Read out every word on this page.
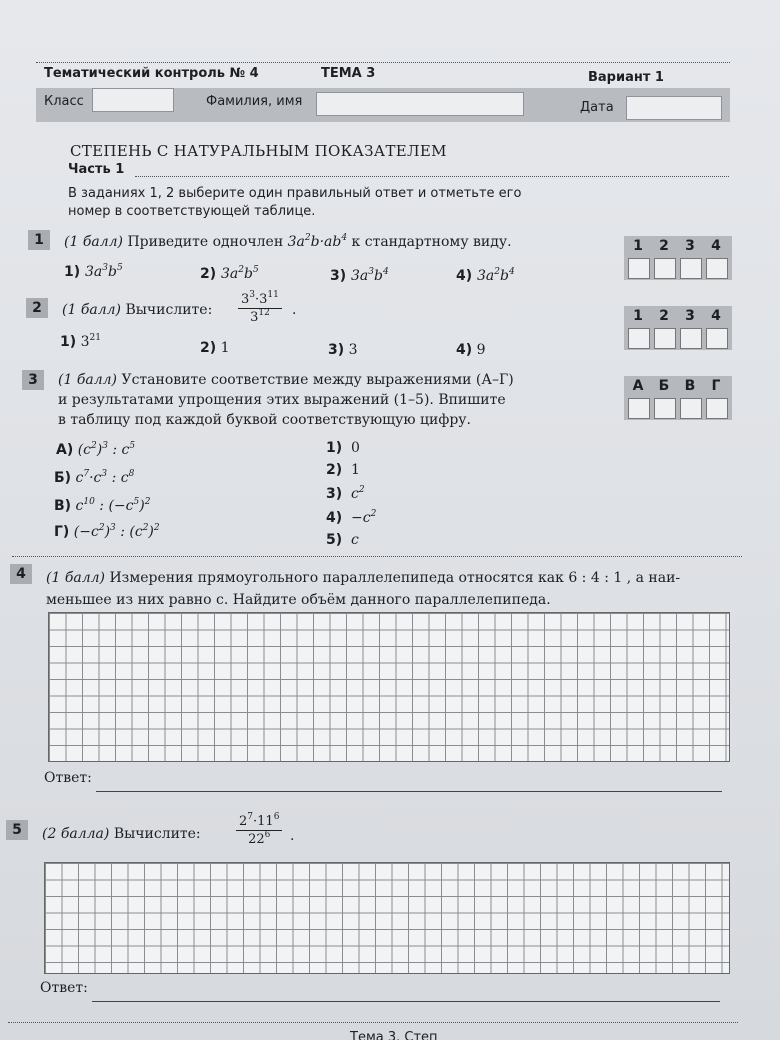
Тематический контроль № 4	ТЕМА 3	Вариант 1
Класс	Фамилия, имя	Дата
СТЕПЕНЬ С НАТУРАЛЬНЫМ ПОКАЗАТЕЛЕМ
Часть 1
В заданиях 1, 2 выберите один правильный ответ и отметьте его
номер в соответствующей таблице.
1	(1 балл) Приведите одночлен $3a^2b\cdot ab^4$ к стандартному виду.
1) $3a^3b^5$	2) $3a^2b^5$	3) $3a^3b^4$	4) $3a^2b^4$
1	2	3	4
2	(1 балл) Вычислите: $\frac{3^3\cdot 3^{11}}{3^{12}}$ .
1) $3^{21}$
2) 1	3) 3	4) 9
1	2	3	4
3	(1 балл) Установите соответствие между выражениями (А–Г)
и результатами упрощения этих выражений (1–5). Впишите
в таблицу под каждой буквой соответствующую цифру.
А) $(c^2)^3$ : $c^5$
Б) $c^7\cdot c^3$ : $c^8$
В) $c^{10}$ : $(-c^5)^2$
Г) $(-c^2)^3$ : $(c^2)^2$
1) 0
2) 1
3) $c^2$
$4) -c^2$
5) c
А	Б	В	Г
4	(1 балл) Измерения прямоугольного параллелепипеда относятся как 6 : 4 : 1 , а наи-
меньшее из них равно c. Найдите объём данного параллелепипеда.
Ответ:
5	(2 балла) Вычислите:	$\frac{2^7\cdot 11^6}{22^6}$ .
Ответ:
Тема 3. Степ
